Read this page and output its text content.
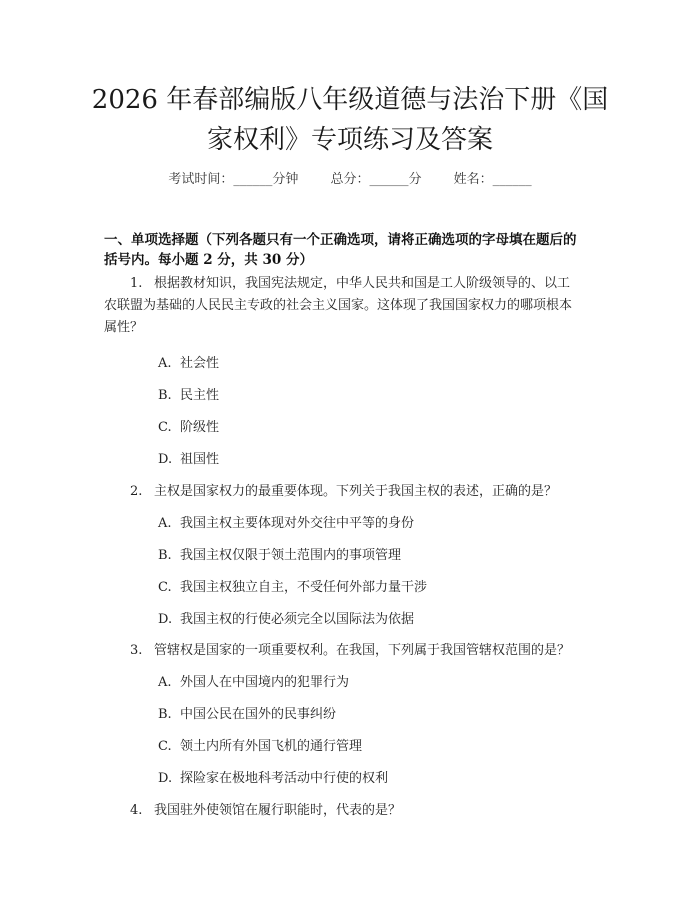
2026 年春部编版八年级道德与法治下册《国
家权利》专项练习及答案
考试时间：______分钟 总分：______分 姓名：______
一、单项选择题（下列各题只有一个正确选项，请将正确选项的字母填在题后的
括号内。每小题 2 分，共 30 分）
1. 根据教材知识，我国宪法规定，中华人民共和国是工人阶级领导的、以工
农联盟为基础的人民民主专政的社会主义国家。这体现了我国国家权力的哪项根本
属性？
A. 社会性
B. 民主性
C. 阶级性
D. 祖国性
2. 主权是国家权力的最重要体现。下列关于我国主权的表述，正确的是？
A. 我国主权主要体现对外交往中平等的身份
B. 我国主权仅限于领土范围内的事项管理
C. 我国主权独立自主，不受任何外部力量干涉
D. 我国主权的行使必须完全以国际法为依据
3. 管辖权是国家的一项重要权利。在我国，下列属于我国管辖权范围的是？
A. 外国人在中国境内的犯罪行为
B. 中国公民在国外的民事纠纷
C. 领土内所有外国飞机的通行管理
D. 探险家在极地科考活动中行使的权利
4. 我国驻外使领馆在履行职能时，代表的是？
